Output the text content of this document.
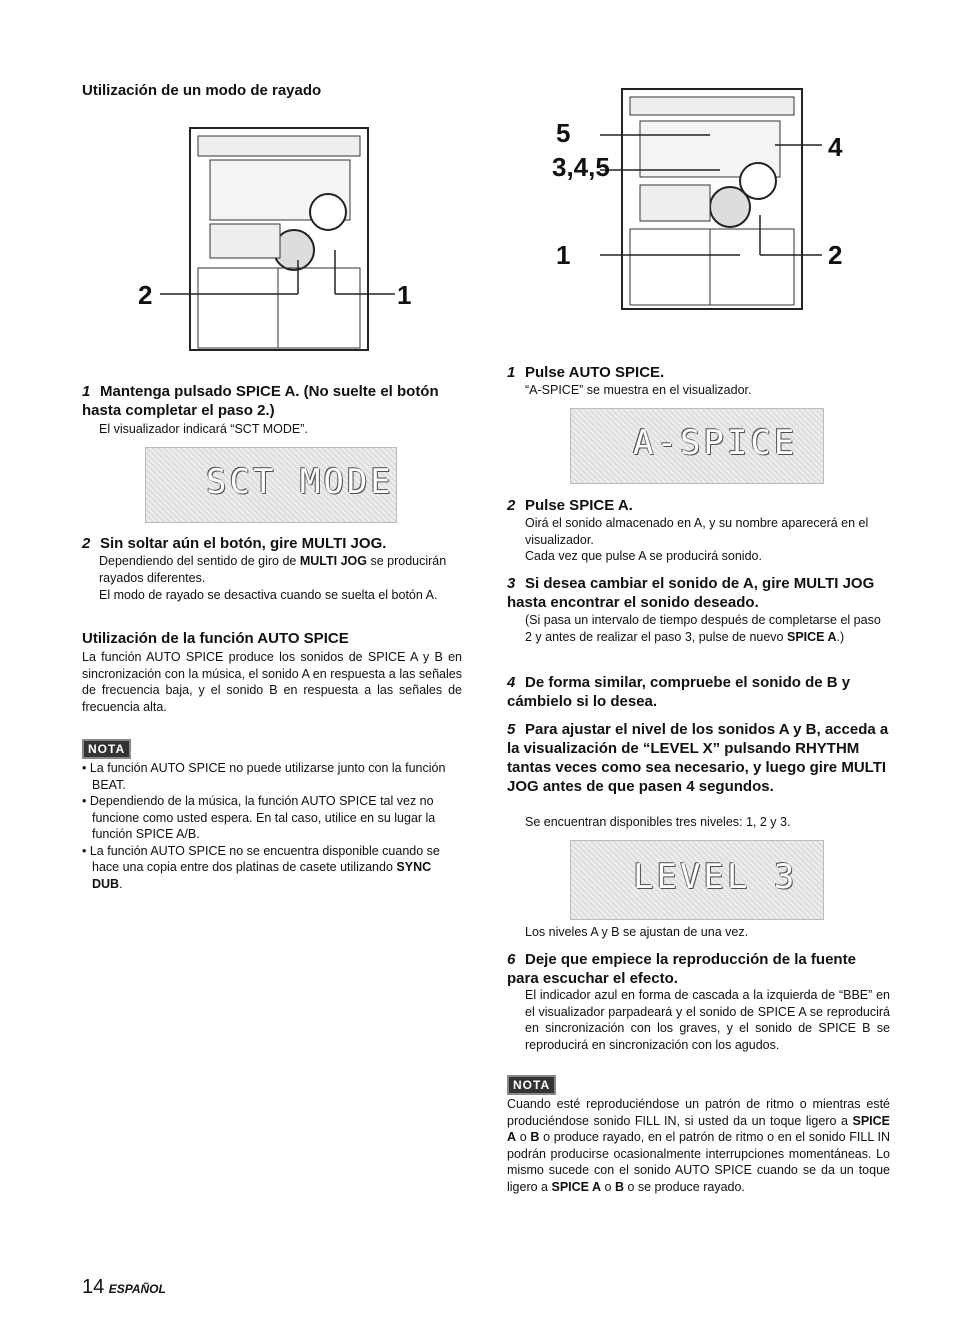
Utilización de un modo de rayado
2	1
1 Mantenga pulsado SPICE A. (No suelte el botón hasta completar el paso 2.)
El visualizador indicará “SCT MODE”.
SCT MODE
2 Sin soltar aún el botón, gire MULTI JOG.
Dependiendo del sentido de giro de MULTI JOG se producirán rayados diferentes.
El modo de rayado se desactiva cuando se suelta el botón A.
Utilización de la función AUTO SPICE
La función AUTO SPICE produce los sonidos de SPICE A y B en sincronización con la música, el sonido A en respuesta a las señales de frecuencia baja, y el sonido B en respuesta a las señales de frecuencia alta.
NOTA
• La función AUTO SPICE no puede utilizarse junto con la función BEAT.
• Dependiendo de la música, la función AUTO SPICE tal vez no funcione como usted espera. En tal caso, utilice en su lugar la función SPICE A/B.
• La función AUTO SPICE no se encuentra disponible cuando se hace una copia entre dos platinas de casete utilizando SYNC DUB.
5
3,4,5
4
1	2
1 Pulse AUTO SPICE.
“A-SPICE” se muestra en el visualizador.
A-SPICE
2 Pulse SPICE A.
Oirá el sonido almacenado en A, y su nombre aparecerá en el visualizador.
Cada vez que pulse A se producirá sonido.
3 Si desea cambiar el sonido de A, gire MULTI JOG hasta encontrar el sonido deseado.
(Si pasa un intervalo de tiempo después de completarse el paso 2 y antes de realizar el paso 3, pulse de nuevo SPICE A.)
4 De forma similar, compruebe el sonido de B y cámbielo si lo desea.
5 Para ajustar el nivel de los sonidos A y B, acceda a la visualización de “LEVEL X” pulsando RHYTHM tantas veces como sea necesario, y luego gire MULTI JOG antes de que pasen 4 segundos.
Se encuentran disponibles tres niveles: 1, 2 y 3.
LEVEL 3
Los niveles A y B se ajustan de una vez.
6 Deje que empiece la reproducción de la fuente para escuchar el efecto.
El indicador azul en forma de cascada a la izquierda de “BBE” en el visualizador parpadeará y el sonido de SPICE A se reproducirá en sincronización con los graves, y el sonido de SPICE B se reproducirá en sincronización con los agudos.
NOTA
Cuando esté reproduciéndose un patrón de ritmo o mientras esté produciéndose sonido FILL IN, si usted da un toque ligero a SPICE A o B o produce rayado, en el patrón de ritmo o en el sonido FILL IN podrán producirse ocasionalmente interrupciones momentáneas. Lo mismo sucede con el sonido AUTO SPICE cuando se da un toque ligero a SPICE A o B o se produce rayado.
14 ESPAÑOL
